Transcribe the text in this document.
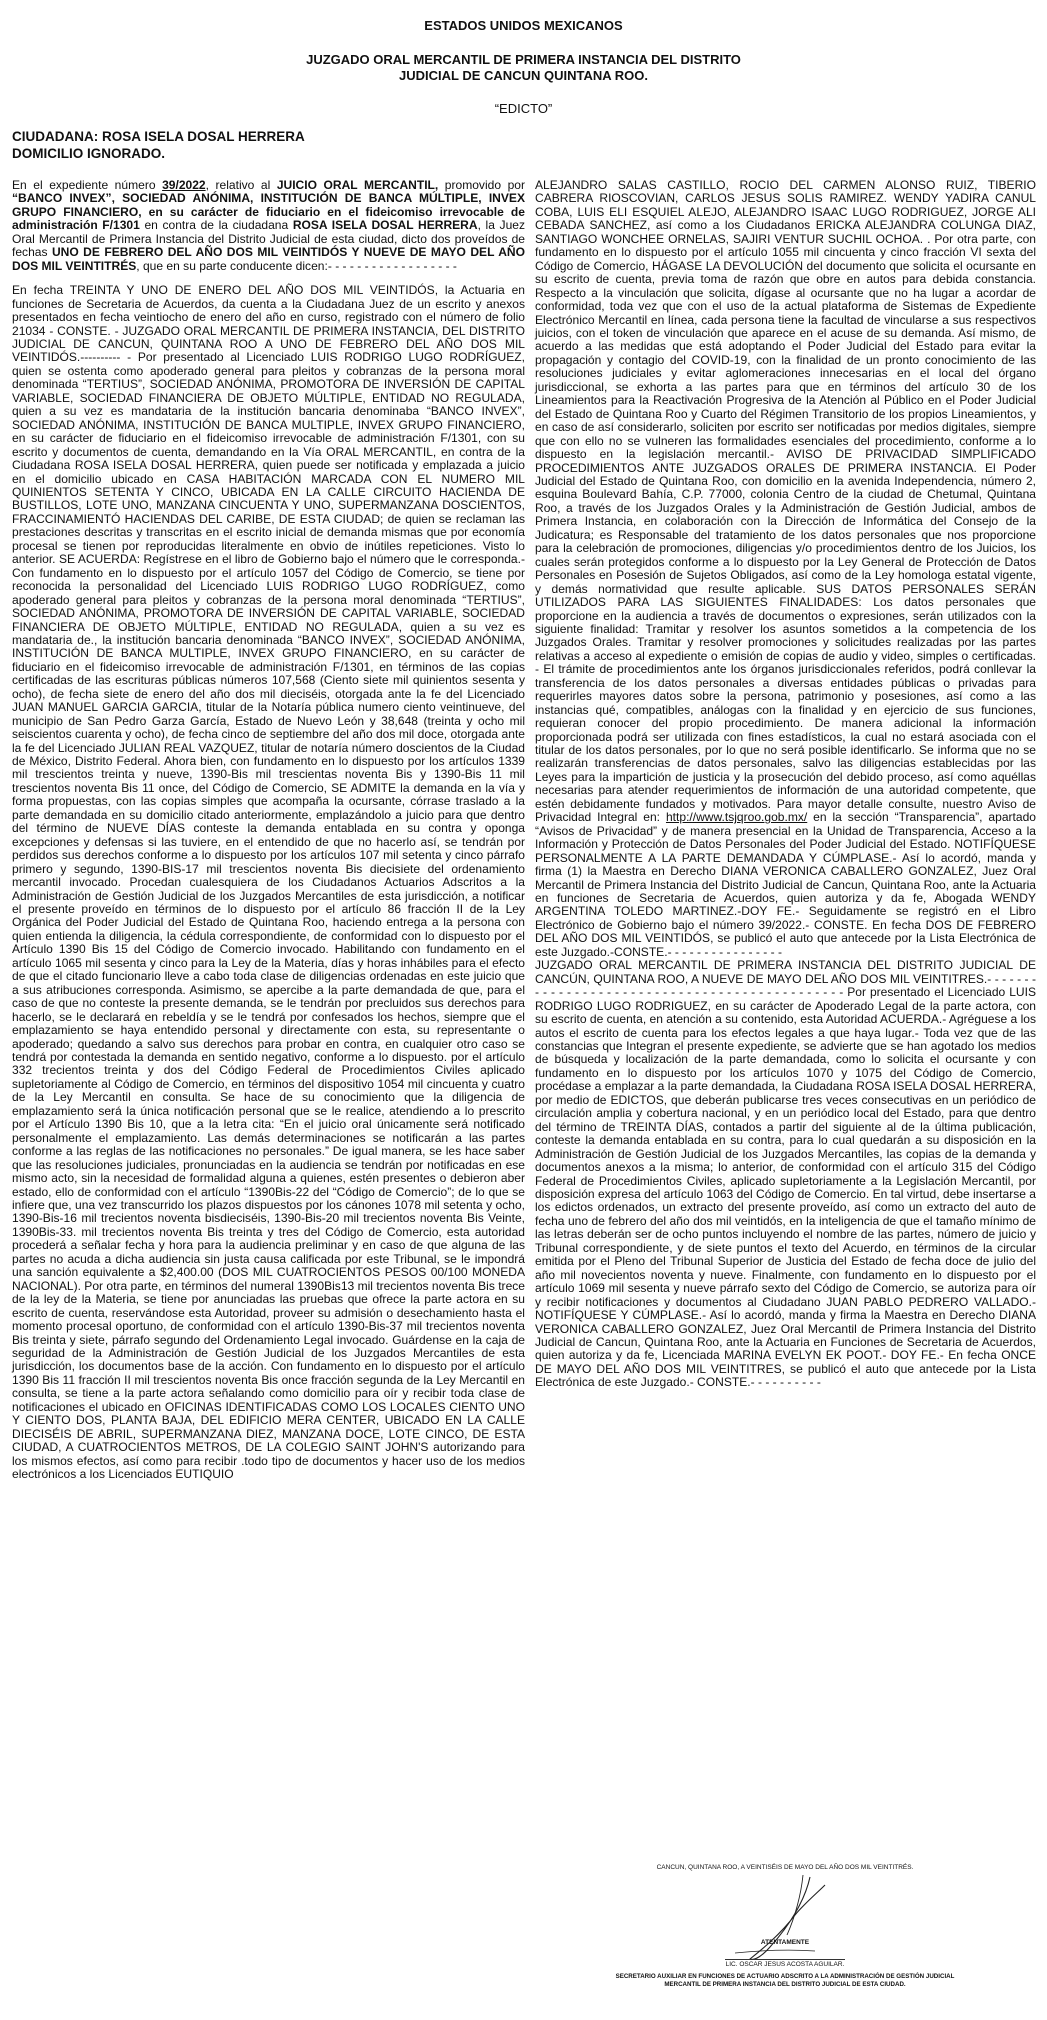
ESTADOS UNIDOS MEXICANOS
JUZGADO ORAL MERCANTIL DE PRIMERA INSTANCIA DEL DISTRITO
JUDICIAL DE CANCUN QUINTANA ROO.
“EDICTO”
CIUDADANA: ROSA ISELA DOSAL HERRERA
DOMICILIO IGNORADO.

En el expediente número 39/2022, relativo al JUICIO ORAL MERCANTIL, promovido por “BANCO INVEX”, SOCIEDAD ANÓNIMA, INSTITUCIÓN DE BANCA MÚLTIPLE, INVEX GRUPO FINANCIERO, en su carácter de fiduciario en el fideicomiso irrevocable de administración F/1301 en contra de la ciudadana ROSA ISELA DOSAL HERRERA, la Juez Oral Mercantil de Primera Instancia del Distrito Judicial de esta ciudad, dicto dos proveídos de fechas UNO DE FEBRERO DEL AÑO DOS MIL VEINTIDÓS Y NUEVE DE MAYO DEL AÑO DOS MIL VEINTITRÉS, que en su parte conducente dicen:- - - - - - - - - - - - - - - - - -

En fecha TREINTA Y UNO DE ENERO DEL AÑO DOS MIL VEINTIDÓS, la Actuaria en funciones de Secretaria de Acuerdos, da cuenta a la Ciudadana Juez de un escrito y anexos presentados en fecha veintiocho de enero del año en curso, registrado con el número de folio 21034 - CONSTE. - JUZGADO ORAL MERCANTIL DE PRIMERA INSTANCIA, DEL DISTRITO JUDICIAL DE CANCUN, QUINTANA ROO A UNO DE FEBRERO DEL AÑO DOS MIL VEINTIDÓS.---------- - Por presentado al Licenciado LUIS RODRIGO LUGO RODRÍGUEZ, quien se ostenta como apoderado general para pleitos y cobranzas de la persona moral denominada “TERTIUS”, SOCIEDAD ANÓNIMA, PROMOTORA DE INVERSIÓN DE CAPITAL VARIABLE, SOCIEDAD FINANCIERA DE OBJETO MÚLTIPLE, ENTIDAD NO REGULADA, quien a su vez es mandataria de la institución bancaria denominaba “BANCO INVEX”, SOCIEDAD ANÓNIMA, INSTITUCIÓN DE BANCA MULTIPLE, INVEX GRUPO FINANCIERO, en su carácter de fiduciario en el fideicomiso irrevocable de administración F/1301, con su escrito y documentos de cuenta, demandando en la Vía ORAL MERCANTIL, en contra de la Ciudadana ROSA ISELA DOSAL HERRERA, quien puede ser notificada y emplazada a juicio en el domicilio ubicado en CASA HABITACIÓN MARCADA CON EL NUMERO MIL QUINIENTOS SETENTA Y CINCO, UBICADA EN LA CALLE CIRCUITO HACIENDA DE BUSTILLOS, LOTE UNO, MANZANA CINCUENTA Y UNO, SUPERMANZANA DOSCIENTOS, FRACCINAMIENTÓ HACIENDAS DEL CARIBE, DE ESTA CIUDAD; de quien se reclaman las prestaciones descritas y transcritas en el escrito inicial de demanda mismas que por economía procesal se tienen por reproducidas literalmente en obvio de inútiles repeticiones. Visto lo anterior. SE ACUERDA: Regístrese en el libro de Gobierno bajo el número que le corresponda.- Con fundamento en lo dispuesto por el artículo 1057 del Código de Comercio, se tiene por reconocida la personalidad del Licenciado LUIS RODRIGO LUGO RODRÍGUEZ, como apoderado general para pleitos y cobranzas de la persona moral denominada “TERTIUS”, SOCIEDAD ANÓNIMA, PROMOTORA DE INVERSIÓN DE CAPITAL VARIABLE, SOCIEDAD FINANCIERA DE OBJETO MÚLTIPLE, ENTIDAD NO REGULADA, quien a su vez es mandataria de., la institución bancaria denominada “BANCO INVEX”, SOCIEDAD ANÓNIMA, INSTITUCIÓN DE BANCA MULTIPLE, INVEX GRUPO FINANCIERO, en su carácter de fiduciario en el fideicomiso irrevocable de administración F/1301, en términos de las copias certificadas de las escrituras públicas números 107,568 (Ciento siete mil quinientos sesenta y ocho), de fecha siete de enero del año dos mil dieciséis, otorgada ante la fe del Licenciado JUAN MANUEL GARCIA GARCIA, titular de la Notaría pública numero ciento veintinueve, del municipio de San Pedro Garza García, Estado de Nuevo León y 38,648 (treinta y ocho mil seiscientos cuarenta y ocho), de fecha cinco de septiembre del año dos mil doce, otorgada ante la fe del Licenciado JULIAN REAL VAZQUEZ, titular de notaría número doscientos de la Ciudad de México, Distrito Federal. Ahora bien, con fundamento en lo dispuesto por los artículos 1339 mil trescientos treinta y nueve, 1390-Bis mil trescientas noventa Bis y 1390-Bis 11 mil trescientos noventa Bis 11 once, del Código de Comercio, SE ADMITE la demanda en la vía y forma propuestas, con las copias simples que acompaña la ocursante, córrase traslado a la parte demandada en su domicilio citado anteriormente, emplazándolo a juicio para que dentro del término de NUEVE DÍAS conteste la demanda entablada en su contra y oponga excepciones y defensas si las tuviere, en el entendido de que no hacerlo así, se tendrán por perdidos sus derechos conforme a lo dispuesto por los artículos 107 mil setenta y cinco párrafo primero y segundo, 1390-BIS-17 mil trescientos noventa Bis diecisiete del ordenamiento mercantil invocado. Procedan cualesquiera de los Ciudadanos Actuarios Adscritos a la Administración de Gestión Judicial de los Juzgados Mercantiles de esta jurisdicción, a notificar el presente proveído en términos de lo dispuesto por el artículo 86 fracción II de la Ley Orgánica del Poder Judicial del Estado de Quintana Roo, haciendo entrega a la persona con quien entienda la diligencia, la cédula correspondiente, de conformidad con lo dispuesto por el Artículo 1390 Bis 15 del Código de Comercio invocado. Habilitando con fundamento en el artículo 1065 mil sesenta y cinco para la Ley de la Materia, días y horas inhábiles para el efecto de que el citado funcionario lleve a cabo toda clase de diligencias ordenadas en este juicio que a sus atribuciones corresponda. Asimismo, se apercibe a la parte demandada de que, para el caso de que no conteste la presente demanda, se le tendrán por precluidos sus derechos para hacerlo, se le declarará en rebeldía y se le tendrá por confesados los hechos, siempre que el emplazamiento se haya entendido personal y directamente con esta, su representante o apoderado; quedando a salvo sus derechos para probar en contra, en cualquier otro caso se tendrá por contestada la demanda en sentido negativo, conforme a lo dispuesto. por el artículo 332 trecientos treinta y dos del Código Federal de Procedimientos Civiles aplicado supletoriamente al Código de Comercio, en términos del dispositivo 1054 mil cincuenta y cuatro de la Ley Mercantil en consulta. Se hace de su conocimiento que la diligencia de emplazamiento será la única notificación personal que se le realice, atendiendo a lo prescrito por el Artículo 1390 Bis 10, que a la letra cita: “En el juicio oral únicamente será notificado personalmente el emplazamiento. Las demás determinaciones se notificarán a las partes conforme a las reglas de las notificaciones no personales.” De igual manera, se les hace saber que las resoluciones judiciales, pronunciadas en la audiencia se tendrán por notificadas en ese mismo acto, sin la necesidad de formalidad alguna a quienes, estén presentes o debieron aber estado, ello de conformidad con el artículo “1390Bis-22 del “Código de Comercio”; de lo que se infiere que, una vez transcurrido los plazos dispuestos por los cánones 1078 mil setenta y ocho, 1390-Bis-16 mil trecientos noventa bisdieciséis, 1390-Bis-20 mil trecientos noventa Bis Veinte, 1390Bis-33. mil trecientos noventa Bis treinta y tres del Código de Comercio, esta autoridad procederá a señalar fecha y hora para la audiencia preliminar y en caso de que alguna de las partes no acuda a dicha audiencia sin justa causa calificada por este Tribunal, se le impondrá una sanción equivalente a $2,400.00 (DOS MIL CUATROCIENTOS PESOS 00/100 MONEDA NACIONAL). Por otra parte, en términos del numeral 1390Bis13 mil trecientos noventa Bis trece de la ley de la Materia, se tiene por anunciadas las pruebas que ofrece la parte actora en su escrito de cuenta, reservándose esta Autoridad, proveer su admisión o desechamiento hasta el momento procesal oportuno, de conformidad con el artículo 1390-Bis-37 mil trecientos noventa Bis treinta y siete, párrafo segundo del Ordenamiento Legal invocado. Guárdense en la caja de seguridad de la Administración de Gestión Judicial de los Juzgados Mercantiles de esta jurisdicción, los documentos base de la acción. Con fundamento en lo dispuesto por el artículo 1390 Bis 11 fracción II mil trescientos noventa Bis once fracción segunda de la Ley Mercantil en consulta, se tiene a la parte actora señalando como domicilio para oír y recibir toda clase de notificaciones el ubicado en OFICINAS IDENTIFICADAS COMO LOS LOCALES CIENTO UNO Y CIENTO DOS, PLANTA BAJA, DEL EDIFICIO MERA CENTER, UBICADO EN LA CALLE DIECISÉIS DE ABRIL, SUPERMANZANA DIEZ, MANZANA DOCE, LOTE CINCO, DE ESTA CIUDAD, A CUATROCIENTOS METROS, DE LA COLEGIO SAINT JOHN'S autorizando para los mismos efectos, así como para recibir .todo tipo de documentos y hacer uso de los medios electrónicos a los Licenciados EUTIQUIO

ALEJANDRO SALAS CASTILLO, ROCIO DEL CARMEN ALONSO RUIZ, TIBERIO CABRERA RIOSCOVIAN, CARLOS JESUS SOLIS RAMIREZ. WENDY YADIRA CANUL COBA, LUIS ELI ESQUIEL ALEJO, ALEJANDRO ISAAC LUGO RODRIGUEZ, JORGE ALI CEBADA SANCHEZ, así como a los Ciudadanos ERICKA ALEJANDRA COLUNGA DIAZ, SANTIAGO WONCHEE ORNELAS, SAJIRI VENTUR SUCHIL OCHOA. . Por otra parte, con fundamento en lo dispuesto por el artículo 1055 mil cincuenta y cinco fracción VI sexta del Código de Comercio, HÁGASE LA DEVOLUCIÓN del documento que solicita el ocursante en su escrito de cuenta, previa toma de razón que obre en autos para debida constancia. Respecto a la vinculación que solicita, dígase al ocursante que no ha lugar a acordar de conformidad, toda vez que con el uso de la actual plataforma de Sistemas de Expediente Electrónico Mercantil en línea, cada persona tiene la facultad de vincularse a sus respectivos juicios, con el token de vinculación que aparece en el acuse de su demanda. Así mismo, de acuerdo a las medidas que está adoptando el Poder Judicial del Estado para evitar la propagación y contagio del COVID-19, con la finalidad de un pronto conocimiento de las resoluciones judiciales y evitar aglomeraciones innecesarias en el local del órgano jurisdiccional, se exhorta a las partes para que en términos del artículo 30 de los Lineamientos para la Reactivación Progresiva de la Atención al Público en el Poder Judicial del Estado de Quintana Roo y Cuarto del Régimen Transitorio de los propios Lineamientos, y en caso de así considerarlo, soliciten por escrito ser notificadas por medios digitales, siempre que con ello no se vulneren las formalidades esenciales del procedimiento, conforme a lo dispuesto en la legislación mercantil.- AVISO DE PRIVACIDAD SIMPLIFICADO PROCEDIMIENTOS ANTE JUZGADOS ORALES DE PRIMERA INSTANCIA. El Poder Judicial del Estado de Quintana Roo, con domicilio en la avenida Independencia, número 2, esquina Boulevard Bahía, C.P. 77000, colonia Centro de la ciudad de Chetumal, Quintana Roo, a través de los Juzgados Orales y la Administración de Gestión Judicial, ambos de Primera Instancia, en colaboración con la Dirección de Informática del Consejo de la Judicatura; es Responsable del tratamiento de los datos personales que nos proporcione para la celebración de promociones, diligencias y/o procedimientos dentro de los Juicios, los cuales serán protegidos conforme a lo dispuesto por la Ley General de Protección de Datos Personales en Posesión de Sujetos Obligados, así como de la Ley homologa estatal vigente, y demás normatividad que resulte aplicable. SUS DATOS PERSONALES SERÁN UTILIZADOS PARA LAS SIGUIENTES FINALIDADES: Los datos personales que proporcione en la audiencia a través de documentos o expresiones, serán utilizados con la siguiente finalidad: Tramitar y resolver los asuntos sometidos a la competencia de los Juzgados Orales. Tramitar y resolver promociones y solicitudes realizadas por las partes relativas a acceso al expediente o emisión de copias de audio y video, simples o certificadas. - El trámite de procedimientos ante los órganos jurisdiccionales referidos, podrá conllevar la transferencia de los datos personales a diversas entidades públicas o privadas para requerirles mayores datos sobre la persona, patrimonio y posesiones, así como a las instancias qué, compatibles, análogas con la finalidad y en ejercicio de sus funciones, requieran conocer del propio procedimiento. De manera adicional la información proporcionada podrá ser utilizada con fines estadísticos, la cual no estará asociada con el titular de los datos personales, por lo que no será posible identificarlo. Se informa que no se realizarán transferencias de datos personales, salvo las diligencias establecidas por las Leyes para la impartición de justicia y la prosecución del debido proceso, así como aquéllas necesarias para atender requerimientos de información de una autoridad competente, que estén debidamente fundados y motivados. Para mayor detalle consulte, nuestro Aviso de Privacidad Integral en: http://www.tsjqroo.gob.mx/ en la sección “Transparencia”, apartado “Avisos de Privacidad” y de manera presencial en la Unidad de Transparencia, Acceso a la Información y Protección de Datos Personales del Poder Judicial del Estado. NOTIFÍQUESE PERSONALMENTE A LA PARTE DEMANDADA Y CÚMPLASE.- Así lo acordó, manda y firma (1) la Maestra en Derecho DIANA VERONICA CABALLERO GONZALEZ, Juez Oral Mercantil de Primera Instancia del Distrito Judicial de Cancun, Quintana Roo, ante la Actuaria en funciones de Secretaria de Acuerdos, quien autoriza y da fe, Abogada WENDY ARGENTINA TOLEDO MARTINEZ.-DOY FE.- Seguidamente se registró en el Libro Electrónico de Gobierno bajo el número 39/2022.- CONSTE. En fecha DOS DE FEBRERO DEL AÑO DOS MIL VEINTIDÓS, se publicó el auto que antecede por la Lista Electrónica de este Juzgado.-CONSTE.- - - - - - - - - - - - - - - -

JUZGADO ORAL MERCANTIL DE PRIMERA INSTANCIA DEL DISTRITO JUDICIAL DE CANCÚN, QUINTANA ROO, A NUEVE DE MAYO DEL AÑO DOS MIL VEINTITRES.- - - - - - - - - - - - - - - - - - - - - - - - - - - - - - - - - - - - - - - - - - - - - - Por presentado el Licenciado LUIS RODRIGO LUGO RODRIGUEZ, en su carácter de Apoderado Legal de la parte actora, con su escrito de cuenta, en atención a su contenido, esta Autoridad ACUERDA.- Agréguese a los autos el escrito de cuenta para los efectos legales a que haya lugar.- Toda vez que de las constancias que Integran el presente expediente, se advierte que se han agotado los medios de búsqueda y localización de la parte demandada, como lo solicita el ocursante y con fundamento en lo dispuesto por los artículos 1070 y 1075 del Código de Comercio, procédase a emplazar a la parte demandada, la Ciudadana ROSA ISELA DOSAL HERRERA, por medio de EDICTOS, que deberán publicarse tres veces consecutivas en un periódico de circulación amplia y cobertura nacional, y en un periódico local del Estado, para que dentro del término de TREINTA DÍAS, contados a partir del siguiente al de la última publicación, conteste la demanda entablada en su contra, para lo cual quedarán a su disposición en la Administración de Gestión Judicial de los Juzgados Mercantiles, las copias de la demanda y documentos anexos a la misma; lo anterior, de conformidad con el artículo 315 del Código Federal de Procedimientos Civiles, aplicado supletoriamente a la Legislación Mercantil, por disposición expresa del artículo 1063 del Código de Comercio. En tal virtud, debe insertarse a los edictos ordenados, un extracto del presente proveído, así como un extracto del auto de fecha uno de febrero del año dos mil veintidós, en la inteligencia de que el tamaño mínimo de las letras deberán ser de ocho puntos incluyendo el nombre de las partes, número de juicio y Tribunal correspondiente, y de siete puntos el texto del Acuerdo, en términos de la circular emitida por el Pleno del Tribunal Superior de Justicia del Estado de fecha doce de julio del año mil novecientos noventa y nueve. Finalmente, con fundamento en lo dispuesto por el artículo 1069 mil sesenta y nueve párrafo sexto del Código de Comercio, se autoriza para oír y recibir notificaciones y documentos al Ciudadano JUAN PABLO PEDRERO VALLADO.- NOTIFÍQUESE Y CÚMPLASE.- Así lo acordó, manda y firma la Maestra en Derecho DIANA VERONICA CABALLERO GONZALEZ, Juez Oral Mercantil de Primera Instancia del Distrito Judicial de Cancun, Quintana Roo, ante la Actuaria en Funciones de Secretaria de Acuerdos, quien autoriza y da fe, Licenciada MARINA EVELYN EK POOT.- DOY FE.- En fecha ONCE DE MAYO DEL AÑO DOS MIL VEINTITRES, se publicó el auto que antecede por la Lista Electrónica de este Juzgado.- CONSTE.- - - - - - - - - -

CANCUN, QUINTANA ROO, A VEINTISÉIS DE MAYO DEL AÑO DOS MIL VEINTITRÉS.
ATENTAMENTE
LIC. OSCAR JESUS ACOSTA AGUILAR.
SECRETARIO AUXILIAR EN FUNCIONES DE ACTUARIO ADSCRITO A LA ADMINISTRACIÓN DE GESTIÓN JUDICIAL
MERCANTIL DE PRIMERA INSTANCIA DEL DISTRITO JUDICIAL DE ESTA CIUDAD.
